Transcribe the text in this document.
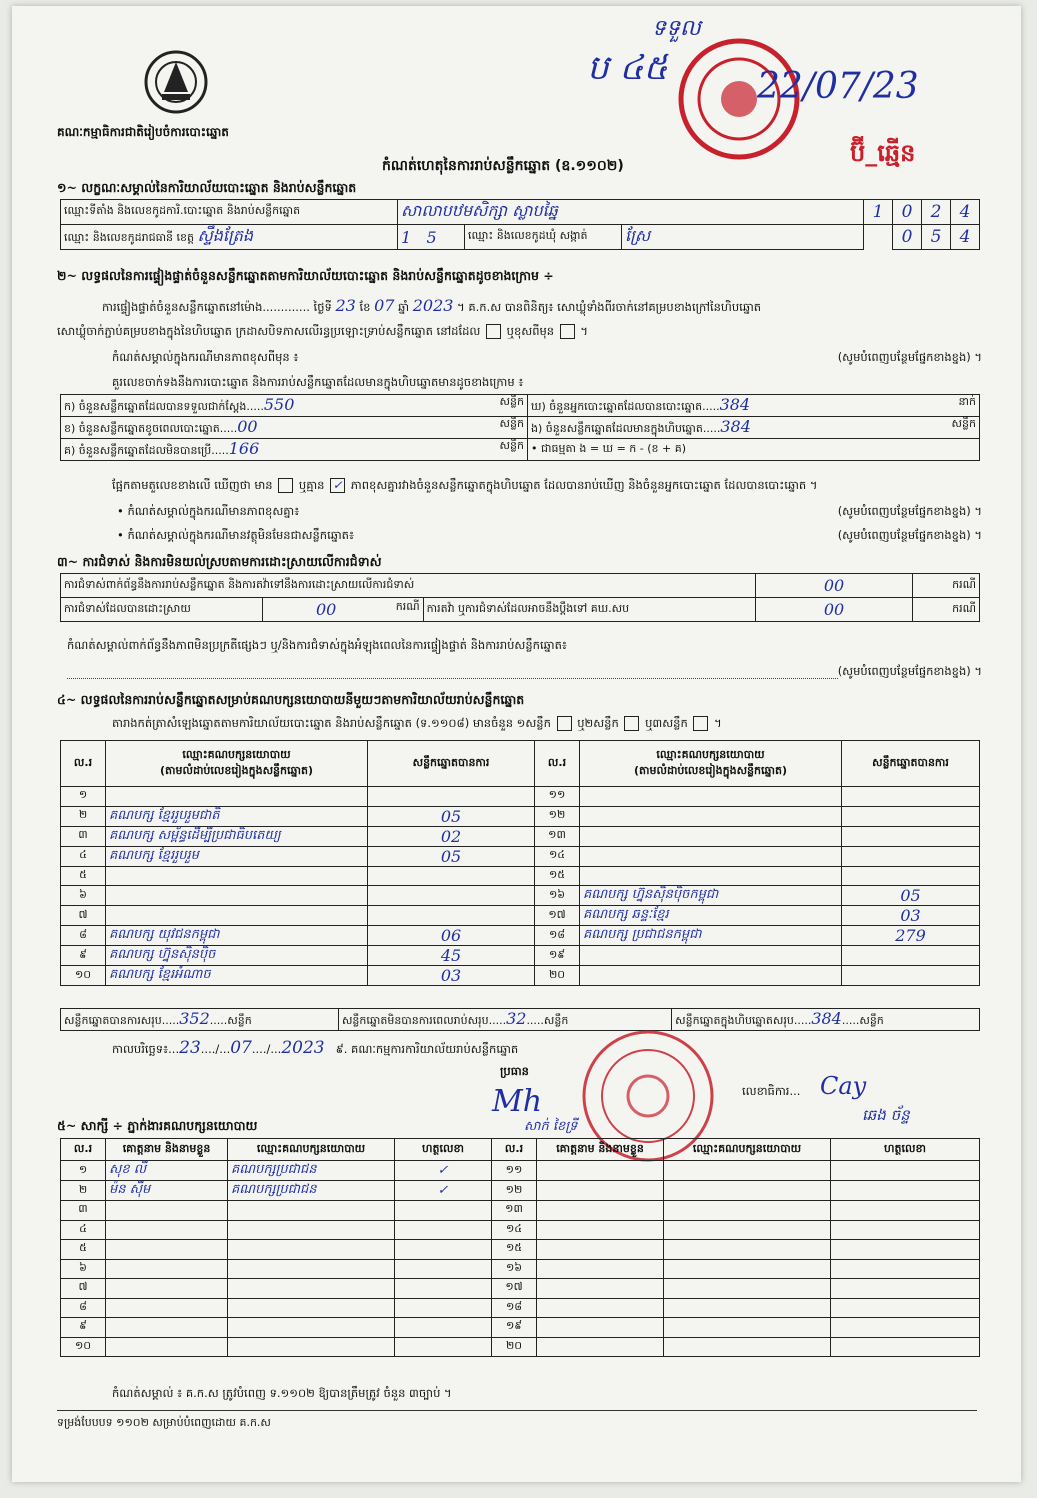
គណៈកម្មាធិការជាតិរៀបចំការបោះឆ្នោត
កំណត់ហេតុនៃការរាប់សន្លឹកឆ្នោត (ឧ.១១០២)
ប ៤៥
ទទួល
22/07/23
ប៊ី_ឆ្មើន
១~ លក្ខណៈសម្គាល់នៃការិយាល័យបោះឆ្នោត និងរាប់សន្លឹកឆ្នោត
ឈ្មោះទីតាំង និងលេខកូដការិ.បោះឆ្នោត និងរាប់សន្លឹកឆ្នោត	សាលាបឋមសិក្សា ស្លាបឆ្នៃ			1	0	2	4
ឈ្មោះ និងលេខកូដរាជធានី ខេត្ត ស្ទឹងត្រែង	1 5	ឈ្មោះ និងលេខកូដឃុំ សង្កាត់	ស្រែ		0	5	4
២~ លទ្ធផលនៃការផ្ទៀងផ្ទាត់ចំនួនសន្លឹកឆ្នោតតាមការិយាល័យបោះឆ្នោត និងរាប់សន្លឹកឆ្នោតដូចខាងក្រោម ÷
ការផ្ទៀងផ្ទាត់ចំនួនសន្លឹកឆ្នោតនៅម៉ោង............. ថ្ងៃទី 23 ខែ 07 ឆ្នាំ 2023 ។ គ.ក.ស បានពិនិត្យ៖ សោឃ្លុំទាំងពីរចាក់នៅគម្របខាងក្រៅនៃហិបឆ្នោត
សោឃ្លុំចាក់ភ្ជាប់គម្របខាងក្នុងនៃហិបឆ្នោត ក្រដាសបិទភាសលើរន្ធប្រឡោះទ្រាប់សន្លឹកឆ្នោត នៅដដែល ឬខុសពីមុន  ។
កំណត់សម្គាល់ក្នុងករណីមានភាពខុសពីមុន ៖	(សូមបំពេញបន្ថែមផ្នែកខាងខ្នង) ។
គួរលេខចាក់ទងនឹងការបោះឆ្នោត និងការរាប់សន្លឹកឆ្នោតដែលមានក្នុងហិបឆ្នោតមានដូចខាងក្រោម ៖
ក) ចំនួនសន្លឹកឆ្នោតដែលបានទទួលជាក់ស្ដែង.....550 សន្លឹក	ឃ) ចំនួនអ្នកបោះឆ្នោតដែលបានបោះឆ្នោត.....384 នាក់

ខ) ចំនួនសន្លឹកឆ្នោតខូចពេលបោះឆ្នោត.....00 សន្លឹក	ង) ចំនួនសន្លឹកឆ្នោតដែលមានក្នុងហិបឆ្នោត.....384 សន្លឹក

គ) ចំនួនសន្លឹកឆ្នោតដែលមិនបានប្រើ.....166 សន្លឹក	• ជាធម្មតា ង = ឃ = ក - (ខ + គ)
ផ្អែកតាមតួលេខខាងលើ ឃើញថា មាន ឬគ្មាន ✓ ភាពខុសគ្នារវាងចំនួនសន្លឹកឆ្នោតក្នុងហិបឆ្នោត ដែលបានរាប់ឃើញ និងចំនួនអ្នកបោះឆ្នោត ដែលបានបោះឆ្នោត ។
• កំណត់សម្គាល់ក្នុងករណីមានភាពខុសគ្នា៖	(សូមបំពេញបន្ថែមផ្នែកខាងខ្នង) ។
• កំណត់សម្គាល់ក្នុងករណីមានវត្ថុមិនមែនជាសន្លឹកឆ្នោត៖	(សូមបំពេញបន្ថែមផ្នែកខាងខ្នង) ។
៣~ ការជំទាស់ និងការមិនយល់ស្របតាមការដោះស្រាយលើការជំទាស់
ការជំទាស់ពាក់ព័ន្ធនឹងការរាប់សន្លឹកឆ្នោត និងការតវ៉ាទៅនឹងការដោះស្រាយលើការជំទាស់			00	ករណី
ការជំទាស់ដែលបានដោះស្រាយ	00 ករណី	ការតវ៉ា ឬការជំទាស់ដែលអាចនឹងប្ដឹងទៅ គឃ.សប	00	ករណី
កំណត់សម្គាល់ពាក់ព័ន្ធនឹងភាពមិនប្រក្រតីផ្សេងៗ ឬ/និងការជំទាស់ក្នុងអំឡុងពេលនៃការផ្ទៀងផ្ទាត់ និងការរាប់សន្លឹកឆ្នោត៖
(សូមបំពេញបន្ថែមផ្នែកខាងខ្នង) ។
៤~ លទ្ធផលនៃការរាប់សន្លឹកឆ្នោតសម្រាប់គណបក្សនយោបាយនីមួយៗតាមការិយាល័យរាប់សន្លឹកឆ្នោត
តារាងកត់ត្រាសំឡេងឆ្នោតតាមការិយាល័យបោះឆ្នោត និងរាប់សន្លឹកឆ្នោត (ទ.១១០៨) មានចំនួន ១សន្លឹក ឬ២សន្លឹក ឬ៣សន្លឹក  ។
ល.រ	ឈ្មោះគណបក្សនយោបាយ
(តាមលំដាប់លេខរៀងក្នុងសន្លឹកឆ្នោត)	សន្លឹកឆ្នោតបានការ	ល.រ	ឈ្មោះគណបក្សនយោបាយ
(តាមលំដាប់លេខរៀងក្នុងសន្លឹកឆ្នោត)	សន្លឹកឆ្នោតបានការ
១			១១		
២	គណបក្ស ខ្មែររួបរួមជាតិ	05	១២		
៣	គណបក្ស សម្ព័ន្ធដើម្បីប្រជាធិបតេយ្យ	02	១៣		
៤	គណបក្ស ខ្មែររួបរួម	05	១៤		
៥			១៥		
៦			១៦	គណបក្ស ហ្វ៊ុនស៊ិនប៉ិចកម្ពុជា	05
៧			១៧	គណបក្ស ឆន្ទៈខ្មែរ	03
៨	គណបក្ស យុវជនកម្ពុជា	06	១៨	គណបក្ស ប្រជាជនកម្ពុជា	279
៩	គណបក្ស ហ្វ៊ុនស៊ិនប៉ិច	45	១៩		
១០	គណបក្ស ខ្មែរអំណាច	03	២០		
សន្លឹកឆ្នោតបានការសរុប.....352.....សន្លឹក	សន្លឹកឆ្នោតមិនបានការពេលរាប់សរុប.....32.....សន្លឹក	សន្លឹកឆ្នោតក្នុងហិបឆ្នោតសរុប.....384.....សន្លឹក
កាលបរិច្ឆេទ៖...23..../...07..../...2023 ៩. គណៈកម្មការការិយាល័យរាប់សន្លឹកឆ្នោត
ប្រធាន
Mh
សាក់ ខៃទ្រី
លេខាធិការ... Cay
ឆេង ច័ន្ទ
៥~ សាក្សី ÷ ភ្នាក់ងារគណបក្សនយោបាយ
ល.រ	គោត្តនាម និងនាមខ្លួន	ឈ្មោះគណបក្សនយោបាយ	ហត្ថលេខា	ល.រ	គោត្តនាម និងនាមខ្លួន	ឈ្មោះគណបក្សនយោបាយ	ហត្ថលេខា
១	សុខ លី	គណបក្សប្រជាជន	✓	១១			
២	ម៉ន ស៊ីម	គណបក្សប្រជាជន	✓	១២			
៣				១៣			
៤				១៤			
៥				១៥			
៦				១៦			
៧				១៧			
៨				១៨			
៩				១៩			
១០				២០			
កំណត់សម្គាល់ ៖ គ.ក.ស ត្រូវបំពេញ ទ.១១០២ ឱ្យបានត្រឹមត្រូវ ចំនួន ៣ច្បាប់ ។
ទម្រង់បែបបទ ១១០២ សម្រាប់បំពេញដោយ គ.ក.ស
